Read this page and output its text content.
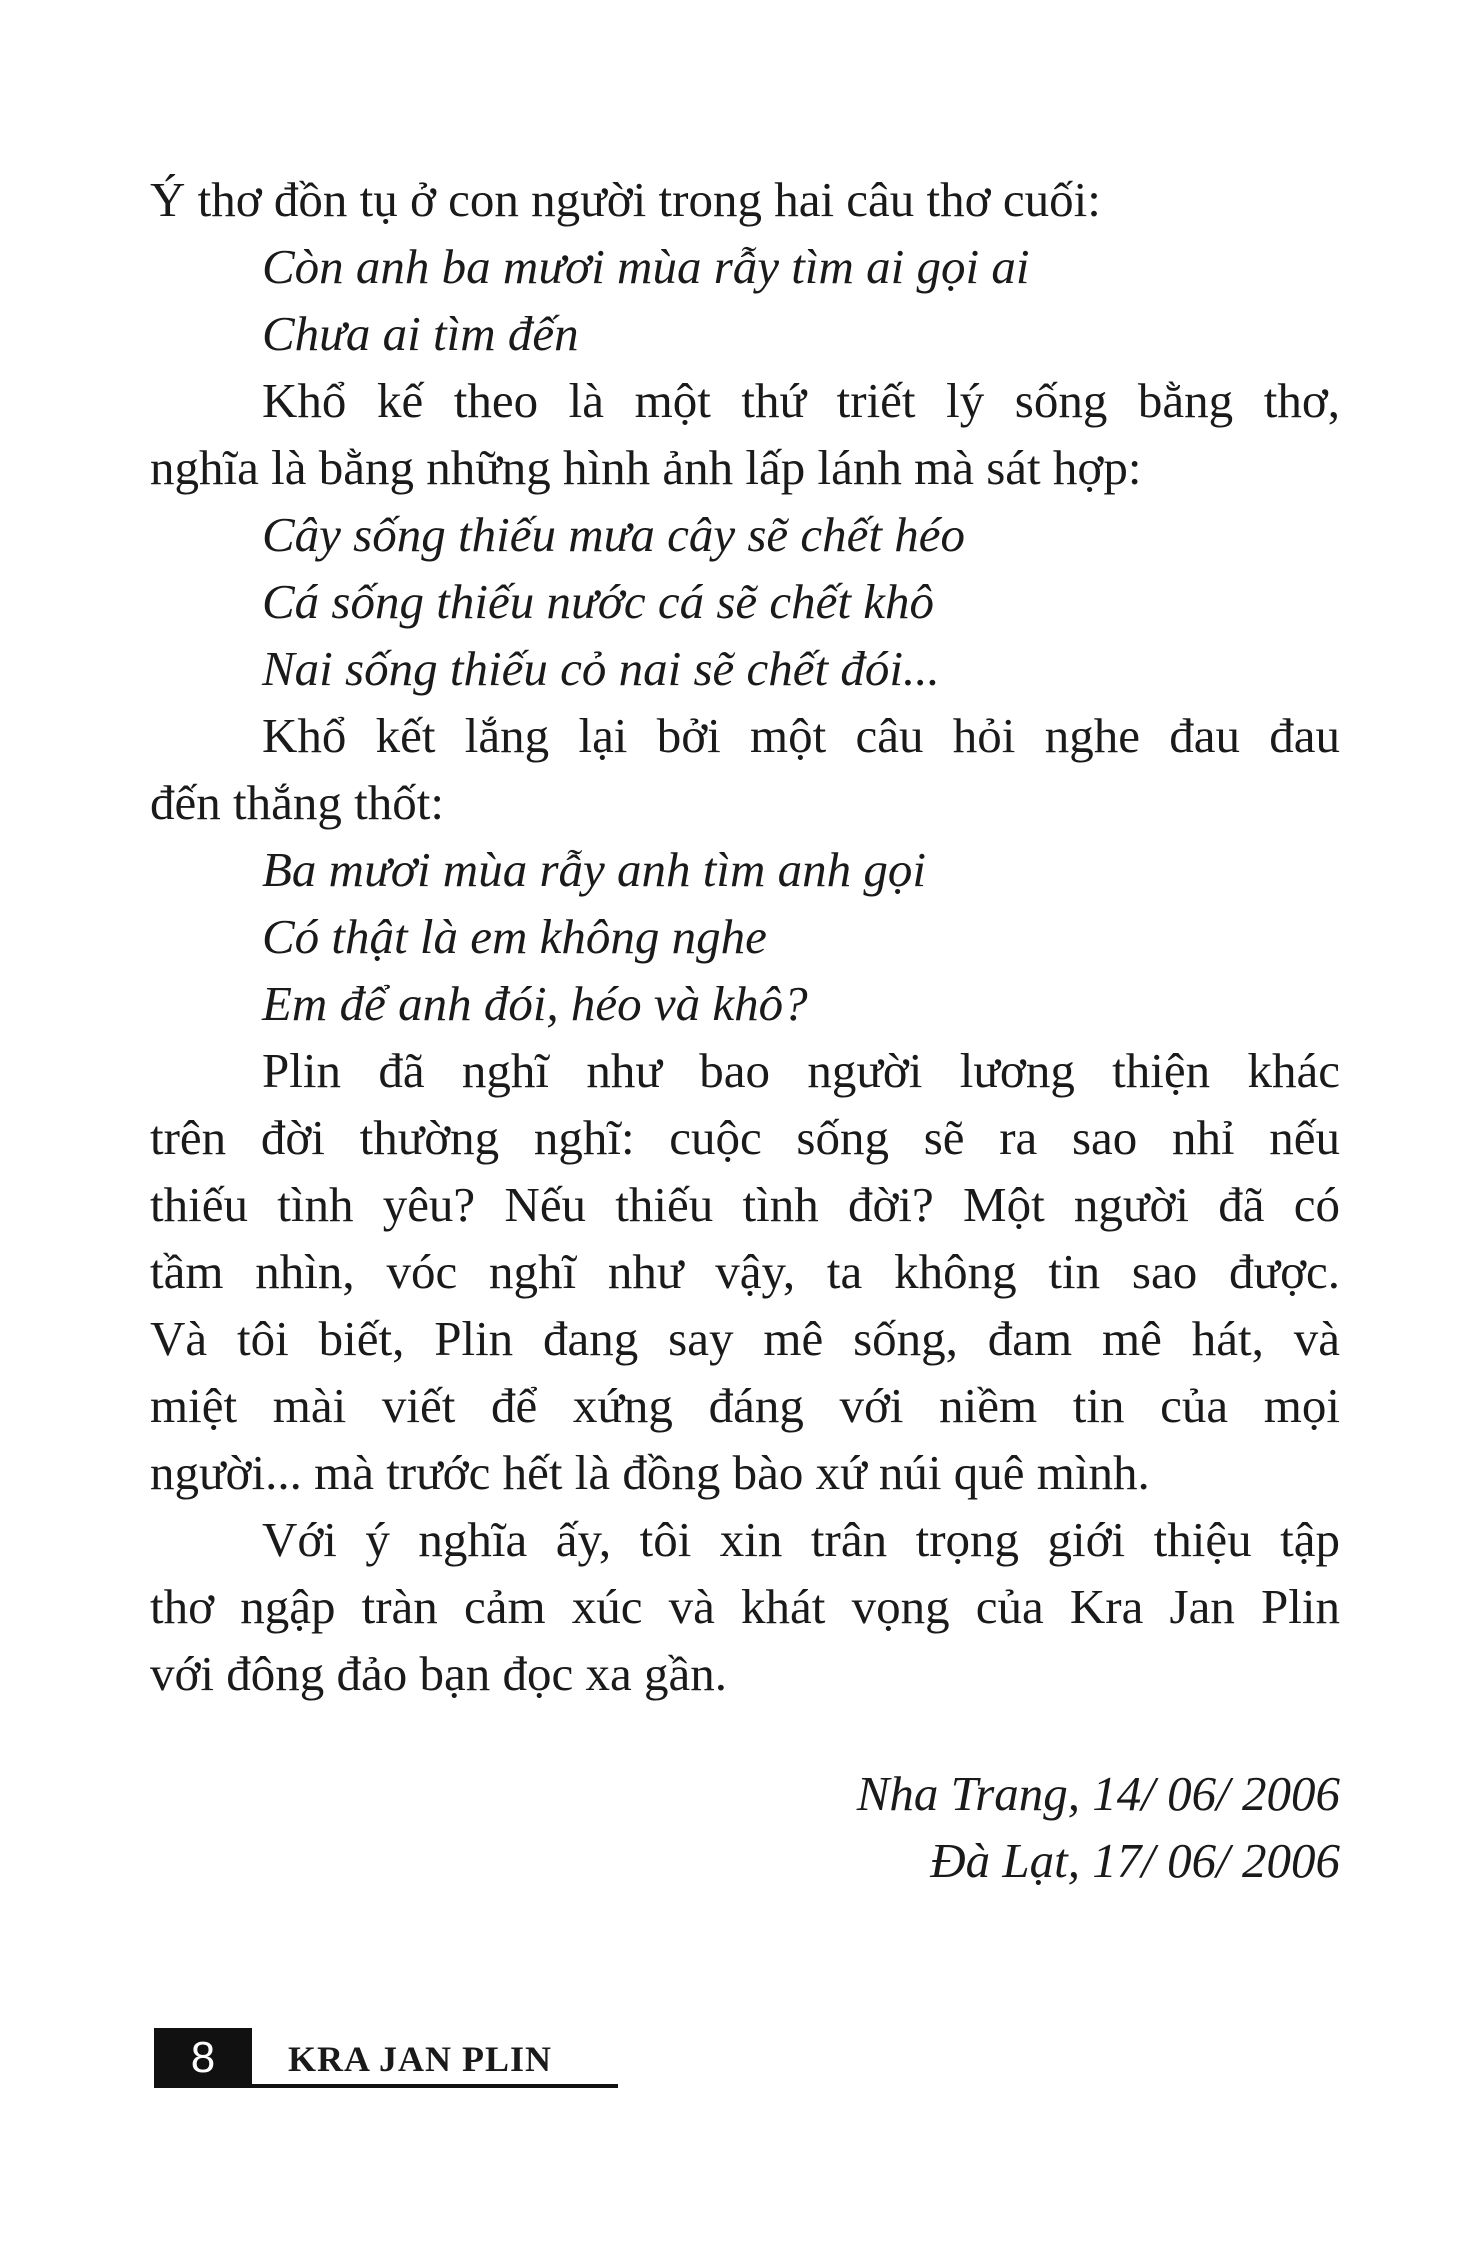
Ý thơ đồn tụ ở con người trong hai câu thơ cuối:

Còn anh ba mươi mùa rẫy tìm ai gọi ai
Chưa ai tìm đến

Khổ kế theo là một thứ triết lý sống bằng thơ,
nghĩa là bằng những hình ảnh lấp lánh mà sát hợp:

Cây sống thiếu mưa cây sẽ chết héo
Cá sống thiếu nước cá sẽ chết khô
Nai sống thiếu cỏ nai sẽ chết đói...

Khổ kết lắng lại bởi một câu hỏi nghe đau đau
đến thắng thốt:

Ba mươi mùa rẫy anh tìm anh gọi
Có thật là em không nghe
Em để anh đói, héo và khô?

Plin đã nghĩ như bao người lương thiện khác
trên đời thường nghĩ: cuộc sống sẽ ra sao nhỉ nếu
thiếu tình yêu? Nếu thiếu tình đời? Một người đã có
tầm nhìn, vóc nghĩ như vậy, ta không tin sao được.
Và tôi biết, Plin đang say mê sống, đam mê hát, và
miệt mài viết để xứng đáng với niềm tin của mọi
người... mà trước hết là đồng bào xứ núi quê mình.

Với ý nghĩa ấy, tôi xin trân trọng giới thiệu tập
thơ ngập tràn cảm xúc và khát vọng của Kra Jan Plin
với đông đảo bạn đọc xa gần.

Nha Trang, 14/ 06/ 2006
Đà Lạt, 17/ 06/ 2006
8	KRA JAN PLIN
